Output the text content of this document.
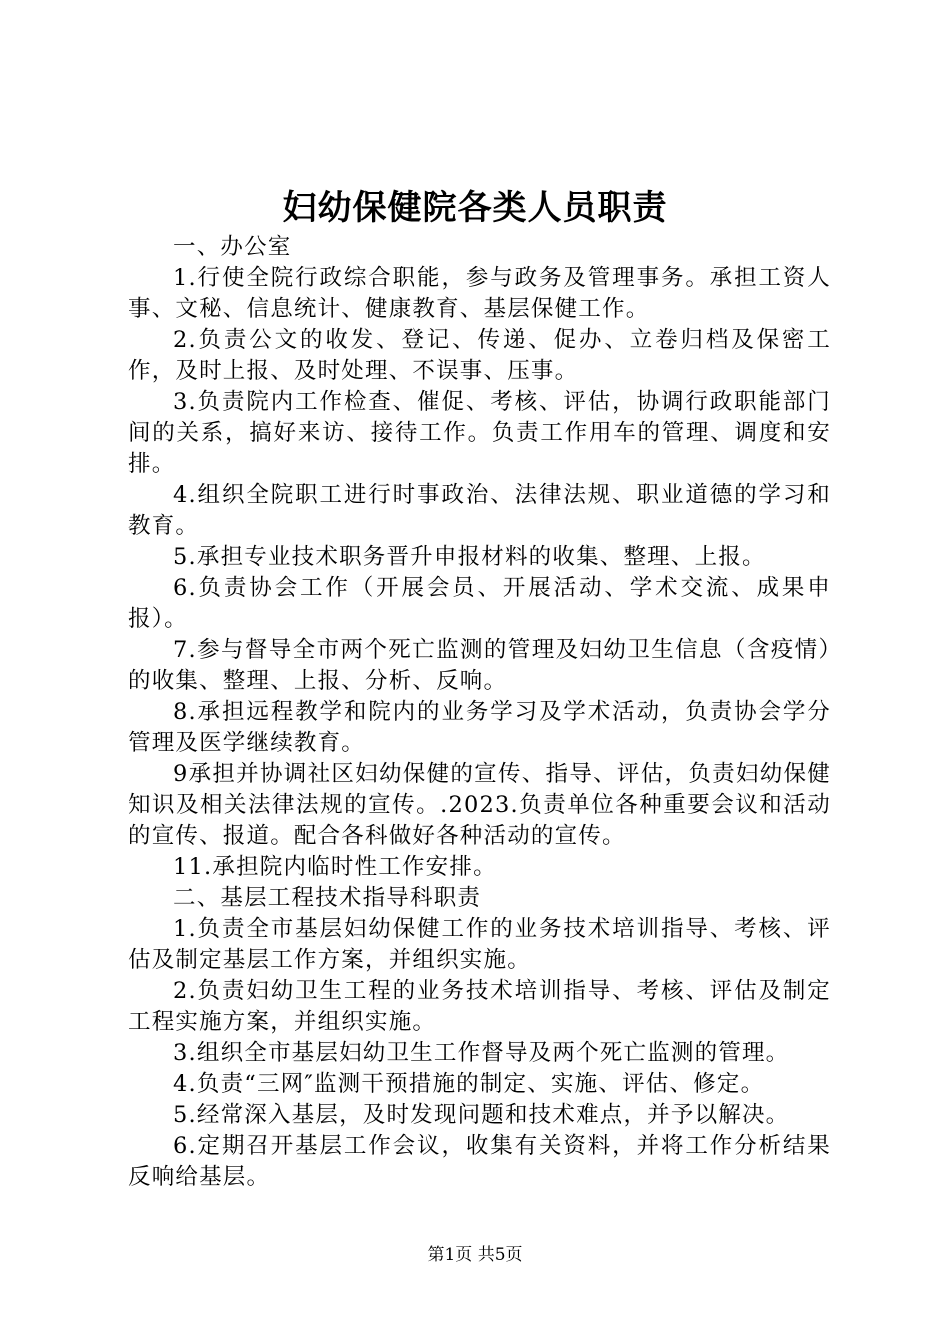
妇幼保健院各类人员职责

一、办公室

1.行使全院行政综合职能，参与政务及管理事务。承担工资人事、文秘、信息统计、健康教育、基层保健工作。

2.负责公文的收发、登记、传递、促办、立卷归档及保密工作，及时上报、及时处理、不误事、压事。

3.负责院内工作检查、催促、考核、评估，协调行政职能部门间的关系，搞好来访、接待工作。负责工作用车的管理、调度和安排。

4.组织全院职工进行时事政治、法律法规、职业道德的学习和教育。

5.承担专业技术职务晋升申报材料的收集、整理、上报。

6.负责协会工作（开展会员、开展活动、学术交流、成果申报）。

7.参与督导全市两个死亡监测的管理及妇幼卫生信息（含疫情）的收集、整理、上报、分析、反响。

8.承担远程教学和院内的业务学习及学术活动，负责协会学分管理及医学继续教育。

9承担并协调社区妇幼保健的宣传、指导、评估，负责妇幼保健知识及相关法律法规的宣传。.2023.负责单位各种重要会议和活动的宣传、报道。配合各科做好各种活动的宣传。

11.承担院内临时性工作安排。

二、基层工程技术指导科职责

1.负责全市基层妇幼保健工作的业务技术培训指导、考核、评估及制定基层工作方案，并组织实施。

2.负责妇幼卫生工程的业务技术培训指导、考核、评估及制定工程实施方案，并组织实施。

3.组织全市基层妇幼卫生工作督导及两个死亡监测的管理。

4.负责“三网″监测干预措施的制定、实施、评估、修定。

5.经常深入基层，及时发现问题和技术难点，并予以解决。

6.定期召开基层工作会议，收集有关资料，并将工作分析结果反响给基层。

第1页 共5页
